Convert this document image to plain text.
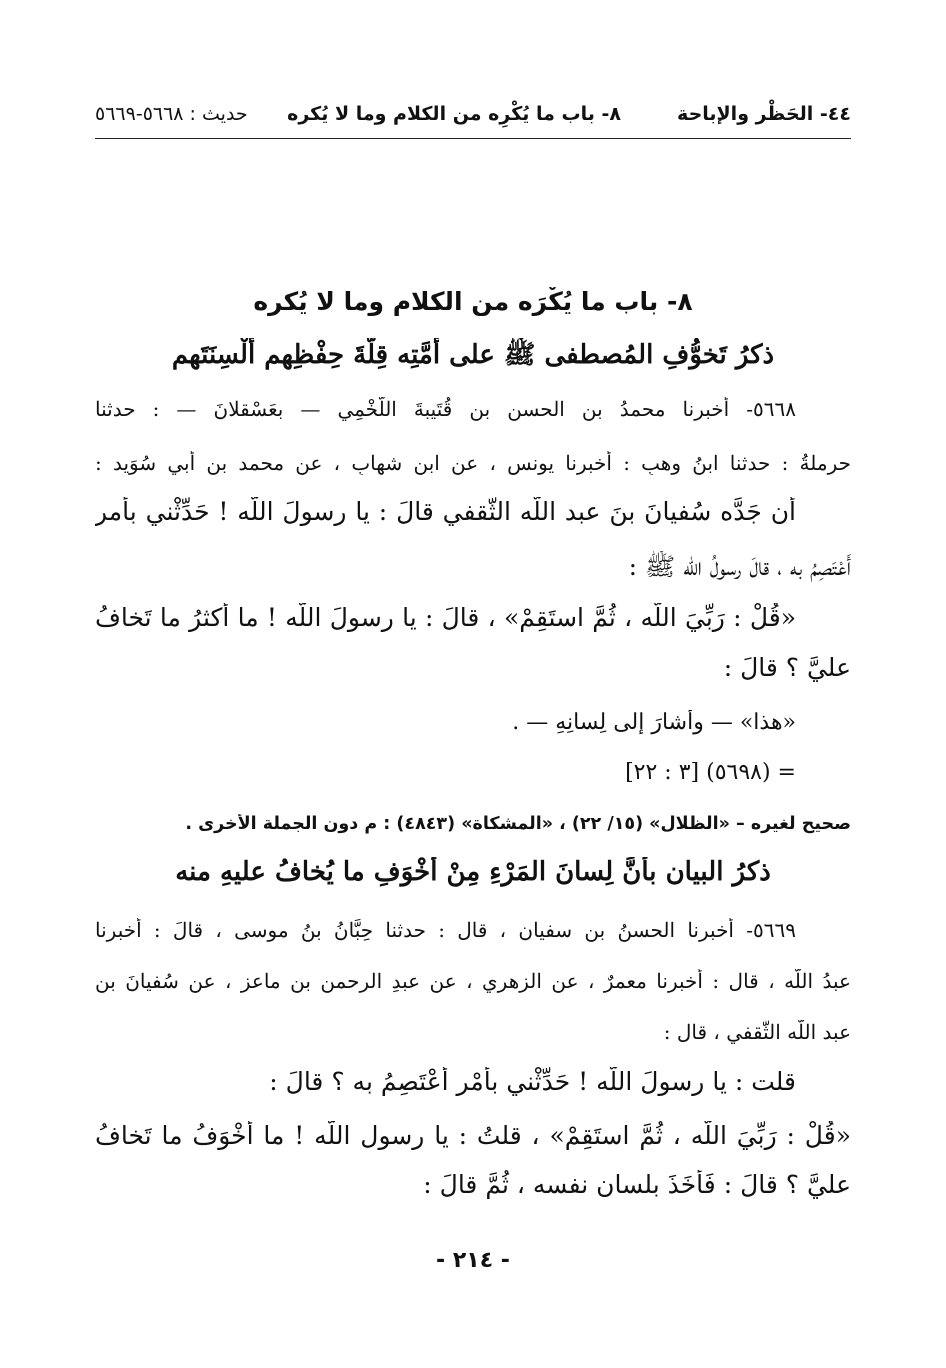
٤٤- الحَظْر والإباحة
٨- باب ما يُكْرِه من الكلام وما لا يُكره
حديث : ٥٦٦٨-٥٦٦٩
٨- باب ما يُكْرَه من الكلام وما لا يُكره
ذكرُ تَخوُّفِ المُصطفى ﷺ على أُمَّتِه قِلَّةَ حِفْظِهم أَلْسِنَتَهم
٥٦٦٨- أخبرنا محمدُ بن الحسن بن قُتَيبةَ اللَّخْمِي — بعَسْقلانَ — : حدثنا
حرملةُ : حدثنا ابنُ وهبٍ : أخبرنا يونس ، عن ابنِ شهابٍ ، عن محمد بن أبي سُوَيد :
أن جَدَّه سُفيانَ بنَ عبد اللّه الثَّقفي قالَ : يا رسولَ اللّه ! حَدِّثْني بأمرٍ
أَعْتَصِمُ به ، قالَ رسولُ اللّه ﷺ :
«قُلْ : رَبِّيَ اللّه ، ثُمَّ استَقِمْ» ، قالَ : يا رسولَ اللّه ! ما أكثرُ ما تَخافُ
عليَّ ؟ قالَ :
«هذا» — وأشارَ إلى لِسانِهِ — .
= (٥٦٩٨) [٣ : ٢٢]
صحيح لغيره – «الظلال» (١٥/ ٢٢) ، «المشكاة» (٤٨٤٣) : م دون الجملة الأخرى .
ذكرُ البيان بأنَّ لِسانَ المَرْءِ مِنْ أخْوَفِ ما يُخافُ عليهِ منه
٥٦٦٩- أخبرنا الحسنُ بن سفيان ، قال : حدثنا حِبَّانُ بنُ موسى ، قالَ : أخبرنا
عبدُ اللّه ، قال : أخبرنا معمرٌ ، عن الزهري ، عن عبدِ الرحمن بن ماعز ، عن سُفيانَ بن
عبد اللّه الثَّقفي ، قال :
قلت : يا رسولَ اللّه ! حَدِّثْني بأَمْرٍ أَعْتَصِمُ به ؟ قالَ :
«قُلْ : رَبِّيَ اللّه ، ثُمَّ استَقِمْ» ، قلتُ : يا رسول اللّه ! ما أَخْوَفُ ما تَخافُ
عليَّ ؟ قالَ : فَأَخَذَ بلسان نفسه ، ثُمَّ قالَ :
- ٢١٤ -
